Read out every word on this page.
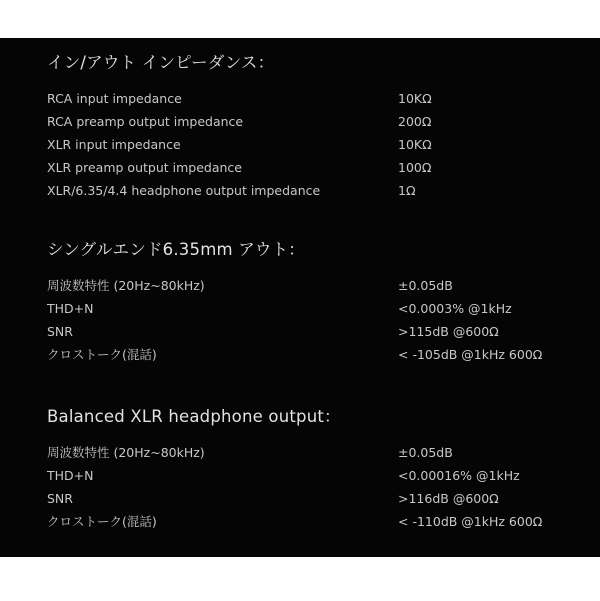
イン/アウト インピーダンス：
RCA input impedance	10KΩ
RCA preamp output impedance	200Ω
XLR input impedance	10KΩ
XLR preamp output impedance	100Ω
XLR/6.35/4.4 headphone output impedance	1Ω
シングルエンド6.35mm アウト：
周波数特性 (20Hz~80kHz)	±0.05dB
THD+N	<0.0003% @1kHz
SNR	>115dB @600Ω
クロストーク(混話)	< -105dB @1kHz 600Ω
Balanced XLR headphone output：
周波数特性 (20Hz~80kHz)	±0.05dB
THD+N	<0.00016% @1kHz
SNR	>116dB @600Ω
クロストーク(混話)	< -110dB @1kHz 600Ω
